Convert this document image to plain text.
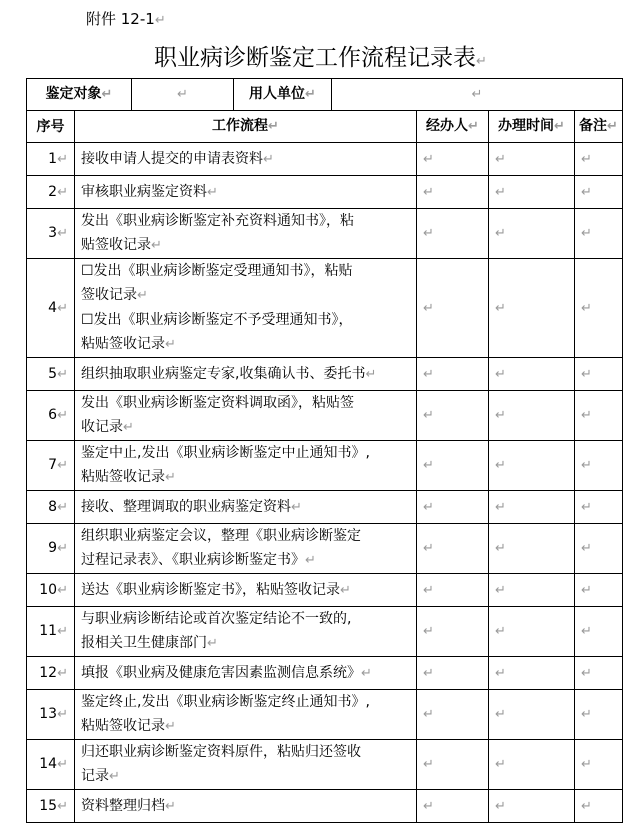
附件 12-1↵
职业病诊断鉴定工作流程记录表↵
鉴定对象↵		↵	用人单位↵	↵			
序号	工作流程↵				经办人↵	办理时间↵	备注↵
1↵	接收申请人提交的申请表资料↵				↵	↵	↵
2↵	审核职业病鉴定资料↵				↵	↵	↵
3↵	发出《职业病诊断鉴定补充资料通知书》，粘
贴签收记录↵				↵	↵	↵
4↵	☐发出《职业病诊断鉴定受理通知书》，粘贴
签收记录↵
☐发出《职业病诊断鉴定不予受理通知书》，
粘贴签收记录↵				↵	↵	↵
5↵	组织抽取职业病鉴定专家,收集确认书、委托书↵				↵	↵	↵
6↵	发出《职业病诊断鉴定资料调取函》，粘贴签
收记录↵				↵	↵	↵
7↵	鉴定中止,发出《职业病诊断鉴定中止通知书》,
粘贴签收记录↵				↵	↵	↵
8↵	接收、整理调取的职业病鉴定资料↵				↵	↵	↵
9↵	组织职业病鉴定会议，整理《职业病诊断鉴定
过程记录表》、《职业病诊断鉴定书》↵				↵	↵	↵
10↵	送达《职业病诊断鉴定书》，粘贴签收记录↵				↵	↵	↵
11↵	与职业病诊断结论或首次鉴定结论不一致的,
报相关卫生健康部门↵				↵	↵	↵
12↵	填报《职业病及健康危害因素监测信息系统》↵				↵	↵	↵
13↵	鉴定终止,发出《职业病诊断鉴定终止通知书》,
粘贴签收记录↵				↵	↵	↵
14↵	归还职业病诊断鉴定资料原件，粘贴归还签收
记录↵				↵	↵	↵
15↵	资料整理归档↵				↵	↵	↵
